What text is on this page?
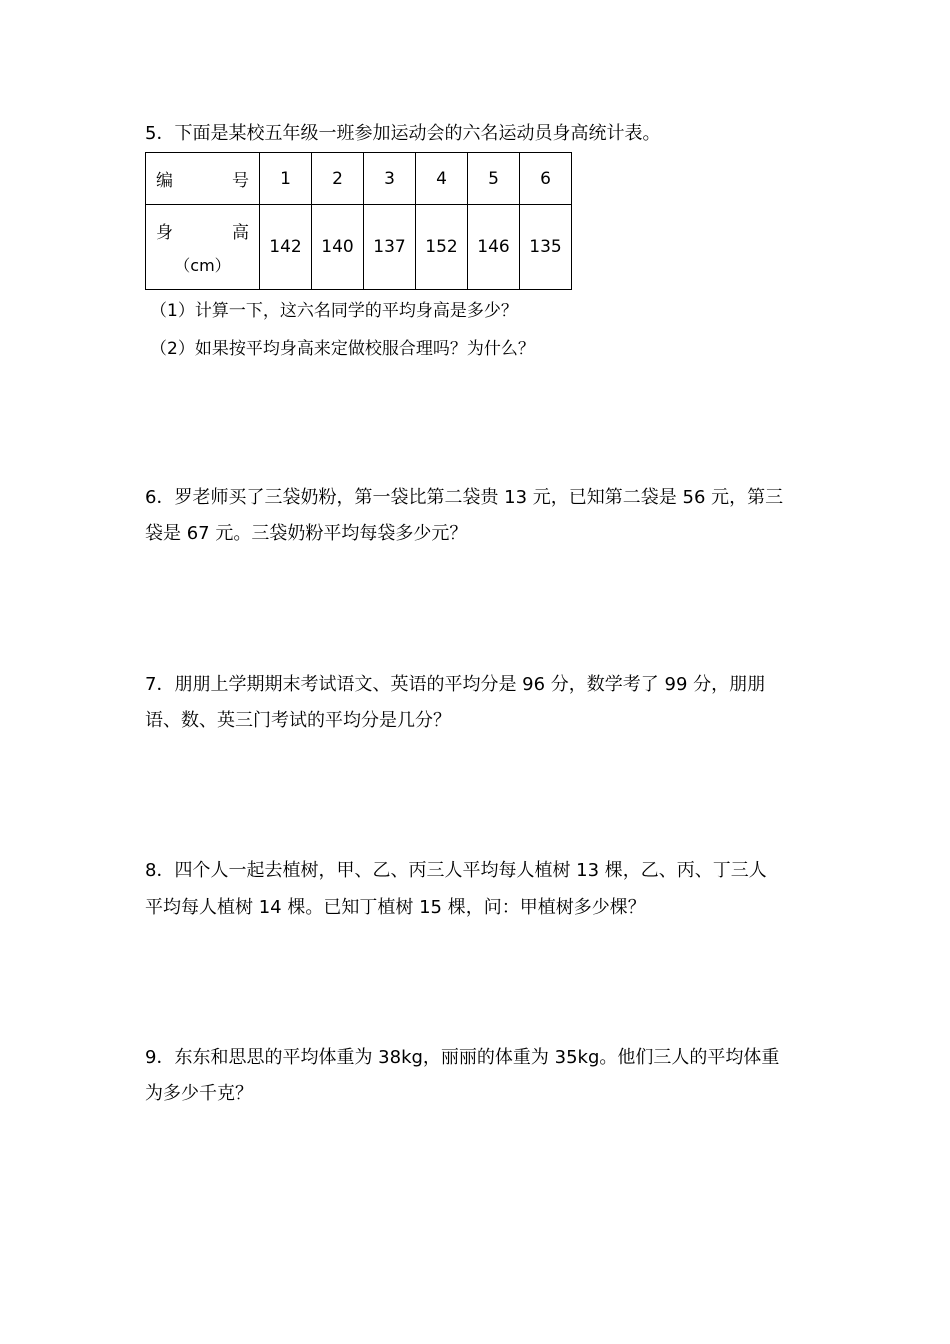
5．下面是某校五年级一班参加运动会的六名运动员身高统计表。
编 号	1	2	3	4	5	6

身 高
（cm）	142	140	137	152	146	135
（1）计算一下，这六名同学的平均身高是多少？
（2）如果按平均身高来定做校服合理吗？为什么？
6．罗老师买了三袋奶粉，第一袋比第二袋贵 13 元，已知第二袋是 56 元，第三
袋是 67 元。三袋奶粉平均每袋多少元？
7．朋朋上学期期末考试语文、英语的平均分是 96 分，数学考了 99 分，朋朋
语、数、英三门考试的平均分是几分？
8．四个人一起去植树，甲、乙、丙三人平均每人植树 13 棵，乙、丙、丁三人
平均每人植树 14 棵。已知丁植树 15 棵，问：甲植树多少棵？
9．东东和思思的平均体重为 38kg，丽丽的体重为 35kg。他们三人的平均体重
为多少千克？
